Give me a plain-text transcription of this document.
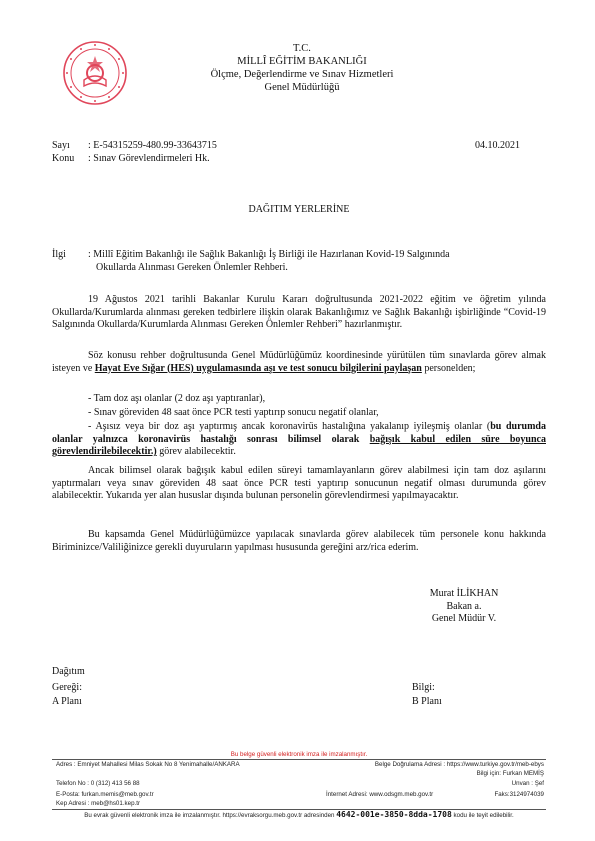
T.C.
MİLLÎ EĞİTİM BAKANLIĞI
Ölçme, Değerlendirme ve Sınav Hizmetleri
Genel Müdürlüğü
Sayı : E-54315259-480.99-33643715	04.10.2021
Konu : Sınav Görevlendirmeleri Hk.
DAĞITIM YERLERİNE
İlgi : Millî Eğitim Bakanlığı ile Sağlık Bakanlığı İş Birliği ile Hazırlanan Kovid-19 Salgınında
Okullarda Alınması Gereken Önlemler Rehberi.
19 Ağustos 2021 tarihli Bakanlar Kurulu Kararı doğrultusunda 2021-2022 eğitim ve öğretim yılında Okullarda/Kurumlarda alınması gereken tedbirlere ilişkin olarak Bakanlığımız ve Sağlık Bakanlığı işbirliğinde “Covid-19 Salgınında Okullarda/Kurumlarda Alınması Gereken Önlemler Rehberi” hazırlanmıştır.
Söz konusu rehber doğrultusunda Genel Müdürlüğümüz koordinesinde yürütülen tüm sınavlarda görev almak isteyen ve Hayat Eve Sığar (HES) uygulamasında aşı ve test sonucu bilgilerini paylaşan personelden;
- Tam doz aşı olanlar (2 doz aşı yaptıranlar),
- Sınav göreviden 48 saat önce PCR testi yaptırıp sonucu negatif olanlar,
- Aşısız veya bir doz aşı yaptırmış ancak koronavirüs hastalığına yakalanıp iyileşmiş olanlar (bu durumda olanlar yalnızca koronavirüs hastalığı sonrası bilimsel olarak bağışık kabul edilen süre boyunca görevlendirilebilecektir.) görev alabilecektir.
Ancak bilimsel olarak bağışık kabul edilen süreyi tamamlayanların görev alabilmesi için tam doz aşılarını yaptırmaları veya sınav göreviden 48 saat önce PCR testi yaptırıp sonucunun negatif olması durumunda görev alabilecektir. Yukarıda yer alan hususlar dışında bulunan personelin görevlendirmesi yapılmayacaktır.
Bu kapsamda Genel Müdürlüğümüzce yapılacak sınavlarda görev alabilecek tüm personele konu hakkında Biriminizce/Valiliğinizce gerekli duyuruların yapılması hususunda gereğini arz/rica ederim.
Murat İLİKHAN
Bakan a.
Genel Müdür V.
Dağıtım
Gereği:
A Planı
Bilgi:
B Planı
Bu belge güvenli elektronik imza ile imzalanmıştır.
Adres : Emniyet Mahallesi Milas Sokak No 8 Yenimahalle/ANKARA	Belge Doğrulama Adresi : https://www.turkiye.gov.tr/meb-ebys
Bilgi için: Furkan MEMİŞ
Telefon No : 0 (312) 413 56 88	Unvan : Şef
E-Posta: furkan.memis@meb.gov.tr	İnternet Adresi: www.odsgm.meb.gov.tr	Faks:3124974039
Kep Adresi : meb@hs01.kep.tr
Bu evrak güvenli elektronik imza ile imzalanmıştır. https://evraksorgu.meb.gov.tr adresinden 4642-001e-3850-8dda-1708 kodu ile teyit edilebilir.
